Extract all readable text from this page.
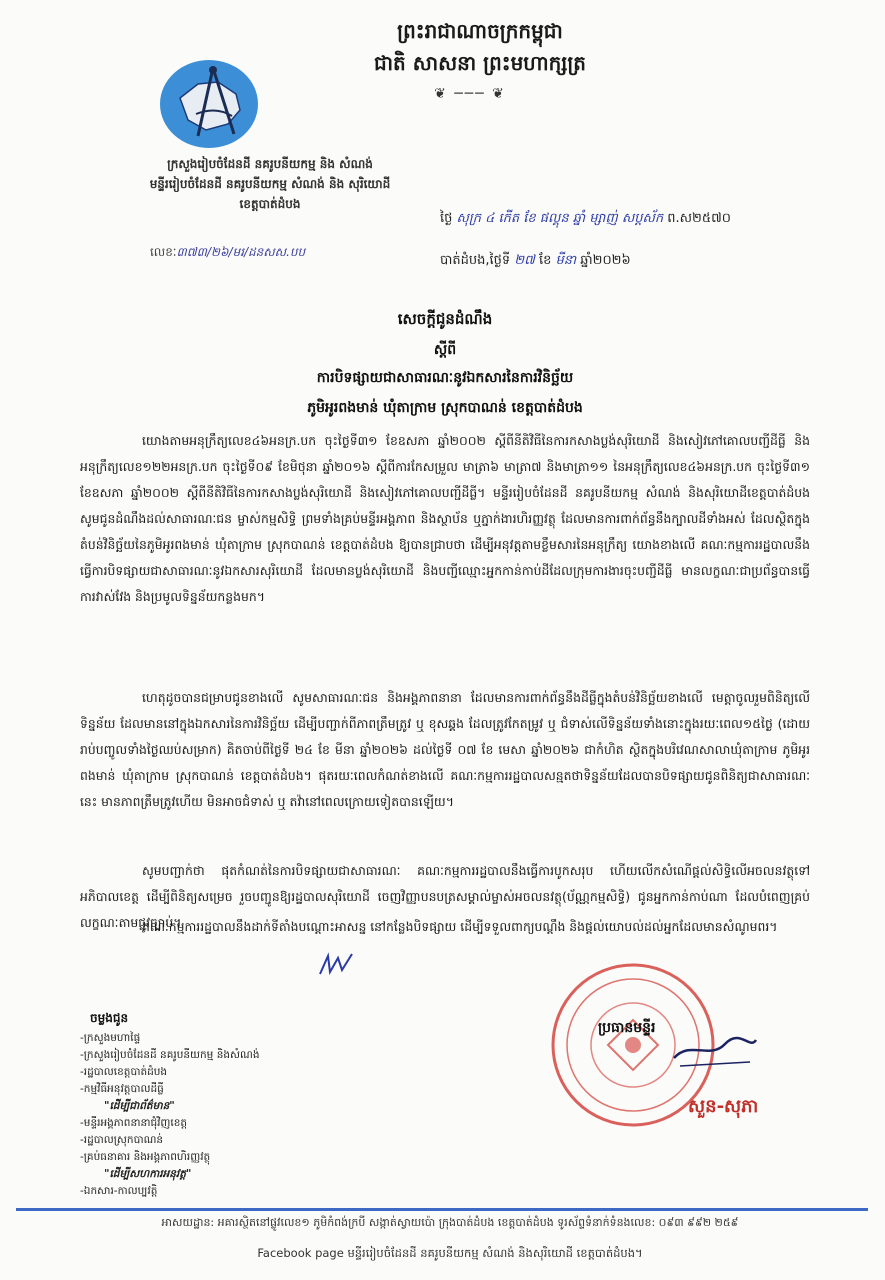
ព្រះរាជាណាចក្រកម្ពុជា
ជាតិ សាសនា ព្រះមហាក្សត្រ
❦ ─── ❦
ក្រសួងរៀបចំដែនដី នគរូបនីយកម្ម និង សំណង់
មន្ទីររៀបចំដែនដី នគរូបនីយកម្ម សំណង់ និង សុរិយោដី
ខេត្តបាត់ដំបង
លេខៈ៣៧៣/២៦/មរ/ដនសស.បប
ថ្ងៃ សុក្រ ៤ កើត ខែ ផល្គុន ឆ្នាំ ម្សាញ់ សប្តស័ក ព.ស២៥៧០
បាត់ដំបង,ថ្ងៃទី ២៧ ខែ មីនា ឆ្នាំ២០២៦
សេចក្តីជូនដំណឹង
ស្តីពី
ការបិទផ្សាយជាសាធារណៈនូវឯកសារនៃការវិនិច្ឆ័យ
ភូមិអូរពងមាន់ ឃុំតាក្រាម ស្រុកបាណន់ ខេត្តបាត់ដំបង
យោងតាមអនុក្រឹត្យលេខ៤៦អនក្រ.បក ចុះថ្ងៃទី៣១ ខែឧសភា ឆ្នាំ២០០២ ស្តីពីនីតិវិធីនៃការកសាងប្លង់សុរិយោដី និងសៀវភៅគោលបញ្ជីដីធ្លី និងអនុក្រឹត្យលេខ១២២អនក្រ.បក ចុះថ្ងៃទី០៩ ខែមិថុនា ឆ្នាំ២០១៦ ស្តីពីការកែសម្រួល មាត្រា៦ មាត្រា៧ និងមាត្រា១១ នៃអនុក្រឹត្យលេខ៤៦អនក្រ.បក ចុះថ្ងៃទី៣១ ខែឧសភា ឆ្នាំ២០០២ ស្តីពីនីតិវិធីនៃការកសាងប្លង់សុរិយោដី និងសៀវភៅគោលបញ្ជីដីធ្លី។ មន្ទីររៀបចំដែនដី នគរូបនីយកម្ម សំណង់ និងសុរិយោដីខេត្តបាត់ដំបង សូមជូនដំណឹងដល់សាធារណៈជន ម្ចាស់កម្មសិទ្ធិ ព្រមទាំងគ្រប់មន្ទីរអង្គភាព និងស្ថាប័ន ឬភ្នាក់ងារហិរញ្ញវត្ថុ ដែលមានការពាក់ព័ន្ធនឹងក្បាលដីទាំងអស់ ដែលស្ថិតក្នុងតំបន់វិនិច្ឆ័យនៃភូមិអូរពងមាន់ ឃុំតាក្រាម ស្រុកបាណន់ ខេត្តបាត់ដំបង ឱ្យបានជ្រាបថា ដើម្បីអនុវត្តតាមខ្លឹមសារនៃអនុក្រឹត្យ យោងខាងលើ គណៈកម្មការរដ្ឋបាលនឹងធ្វើការបិទផ្សាយជាសាធារណៈនូវឯកសារសុរិយោដី ដែលមានប្លង់សុរិយោដី និងបញ្ជីឈ្មោះអ្នកកាន់កាប់ដីដែលក្រុមការងារចុះបញ្ជីដីធ្លី មានលក្ខណៈជាប្រព័ន្ធបានធ្វើការវាស់វែង និងប្រមូលទិន្នន័យកន្លងមក។
ហេតុដូចបានជម្រាបជូនខាងលើ សូមសាធារណៈជន និងអង្គភាពនានា ដែលមានការពាក់ព័ន្ធនឹងដីធ្លីក្នុងតំបន់វិនិច្ឆ័យខាងលើ មេត្តាចូលរួមពិនិត្យលើទិន្នន័យ ដែលមាននៅក្នុងឯកសារនៃការវិនិច្ឆ័យ ដើម្បីបញ្ជាក់ពីភាពត្រឹមត្រូវ ឬ ខុសឆ្គង ដែលត្រូវកែតម្រូវ ឬ ជំទាស់លើទិន្នន័យទាំងនោះក្នុងរយៈពេល១៥ថ្ងៃ (ដោយរាប់បញ្ចូលទាំងថ្ងៃឈប់សម្រាក) គិតចាប់ពីថ្ងៃទី ២៤ ខែ មីនា ឆ្នាំ២០២៦ ដល់ថ្ងៃទី ០៧ ខែ មេសា ឆ្នាំ២០២៦ ជាកំហិត ស្ថិតក្នុងបរិវេណសាលាឃុំតាក្រាម ភូមិអូរពងមាន់ ឃុំតាក្រាម ស្រុកបាណន់ ខេត្តបាត់ដំបង។ ផុតរយៈពេលកំណត់ខាងលើ គណៈកម្មការរដ្ឋបាលសន្មតថាទិន្នន័យដែលបានបិទផ្សាយជូនពិនិត្យជាសាធារណៈនេះ មានភាពត្រឹមត្រូវហើយ មិនអាចជំទាស់ ឬ តវ៉ានៅពេលក្រោយទៀតបានឡើយ។
សូមបញ្ជាក់ថា ផុតកំណត់នៃការបិទផ្សាយជាសាធារណៈ គណៈកម្មការរដ្ឋបាលនឹងធ្វើការបូកសរុប ហើយលើកសំណើផ្តល់សិទ្ធិលើអចលនវត្ថុទៅអភិបាលខេត្ត ដើម្បីពិនិត្យសម្រេច រួចបញ្ជូនឱ្យរដ្ឋបាលសុរិយោដី ចេញវិញ្ញាបនបត្រសម្គាល់ម្ចាស់អចលនវត្ថុ(ប័ណ្ណកម្មសិទ្ធិ) ជូនអ្នកកាន់កាប់ណា ដែលបំពេញគ្រប់លក្ខណៈតាមផ្លូវច្បាប់។
គណៈកម្មការរដ្ឋបាលនឹងដាក់ទីតាំងបណ្តោះអាសន្ន នៅកន្លែងបិទផ្សាយ ដើម្បីទទួលពាក្យបណ្តឹង និងផ្តល់យោបល់ដល់អ្នកដែលមានសំណូមពរ។
ប្រធានមន្ទីរ
សួន-សុភា
ចម្លងជូន
-ក្រសួងមហាផ្ទៃ
-ក្រសួងរៀបចំដែនដី នគរូបនីយកម្ម និងសំណង់
-រដ្ឋបាលខេត្តបាត់ដំបង
-កម្មវិធីអនុវត្តបាលដីធ្លី
"ដើម្បីជាព័ត៌មាន"
-មន្ទីរអង្គភាពនានាជុំវិញខេត្ត
-រដ្ឋបាលស្រុកបាណន់
-គ្រប់ធនាគារ និងអង្គភាពហិរញ្ញវត្ថុ
"ដើម្បីសហការអនុវត្ត"
-ឯកសារ-កាលប្បវត្តិ
អាសយដ្ឋាន: អគារស្ថិតនៅផ្លូវលេខ១ ភូមិកំពង់ក្របី សង្កាត់ស្វាយប៉ោ ក្រុងបាត់ដំបង ខេត្តបាត់ដំបង ទូរស័ព្ទទំនាក់ទំនងលេខ: ០៩៣ ៩៩២ ២៥៩
Facebook page មន្ទីររៀបចំដែនដី នគរូបនីយកម្ម សំណង់ និងសុរិយោដី ខេត្តបាត់ដំបង។
